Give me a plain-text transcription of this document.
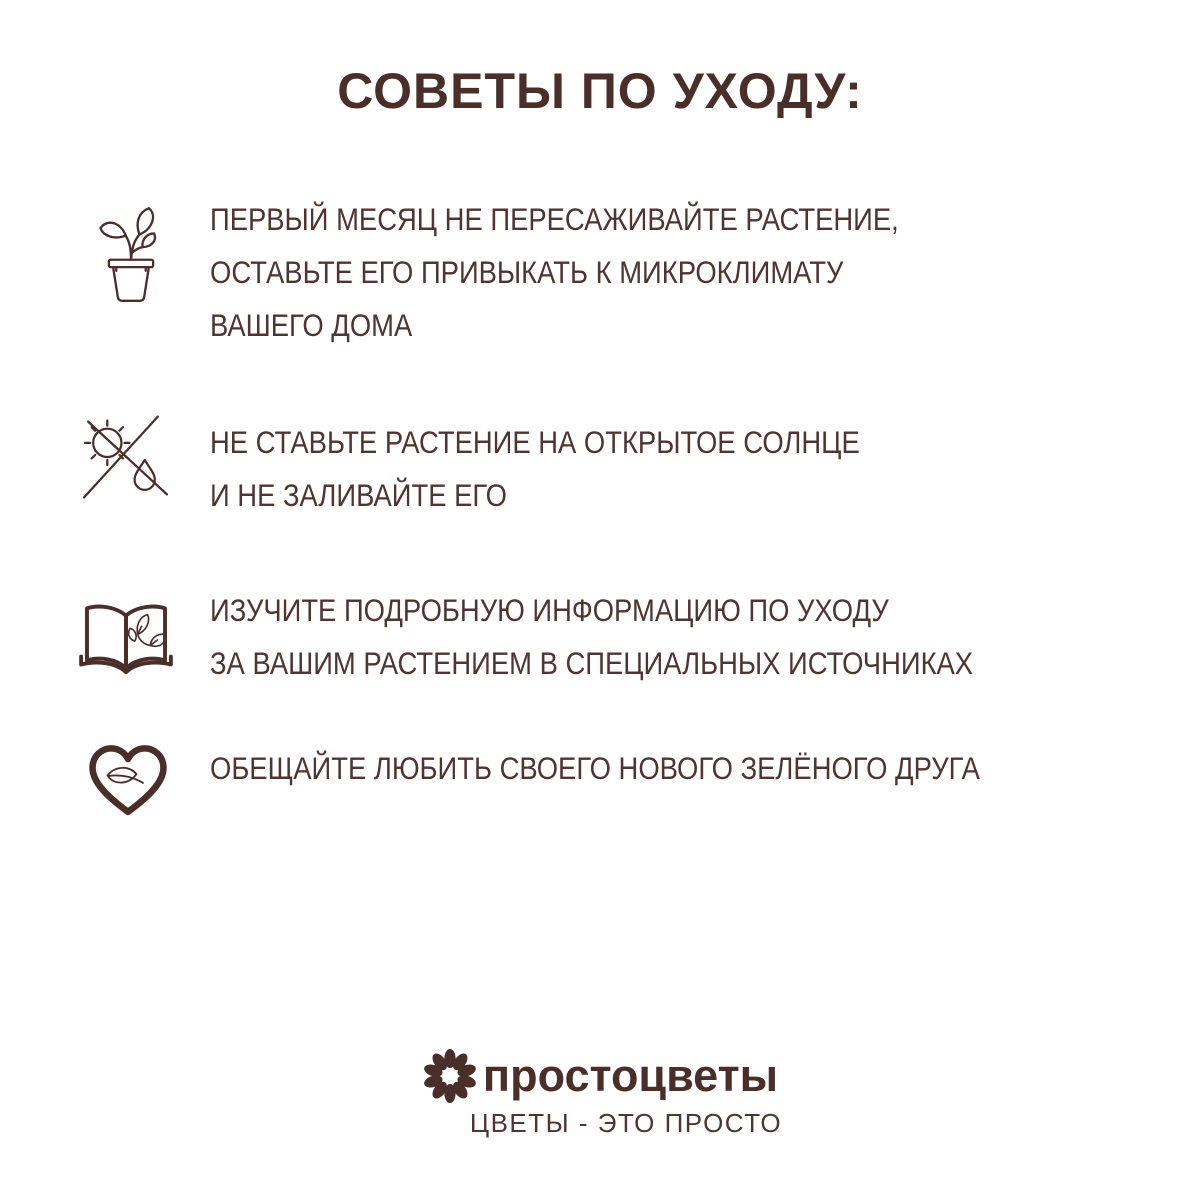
СОВЕТЫ ПО УХОДУ:
ПЕРВЫЙ МЕСЯЦ НЕ ПЕРЕСАЖИВАЙТЕ РАСТЕНИЕ,
ОСТАВЬТЕ ЕГО ПРИВЫКАТЬ К МИКРОКЛИМАТУ
ВАШЕГО ДОМА
НЕ СТАВЬТЕ РАСТЕНИЕ НА ОТКРЫТОЕ СОЛНЦЕ
И НЕ ЗАЛИВАЙТЕ ЕГО
ИЗУЧИТЕ ПОДРОБНУЮ ИНФОРМАЦИЮ ПО УХОДУ
ЗА ВАШИМ РАСТЕНИЕМ В СПЕЦИАЛЬНЫХ ИСТОЧНИКАХ
ОБЕЩАЙТЕ ЛЮБИТЬ СВОЕГО НОВОГО ЗЕЛЁНОГО ДРУГА
простоцветы
ЦВЕТЫ - ЭТО ПРОСТО
